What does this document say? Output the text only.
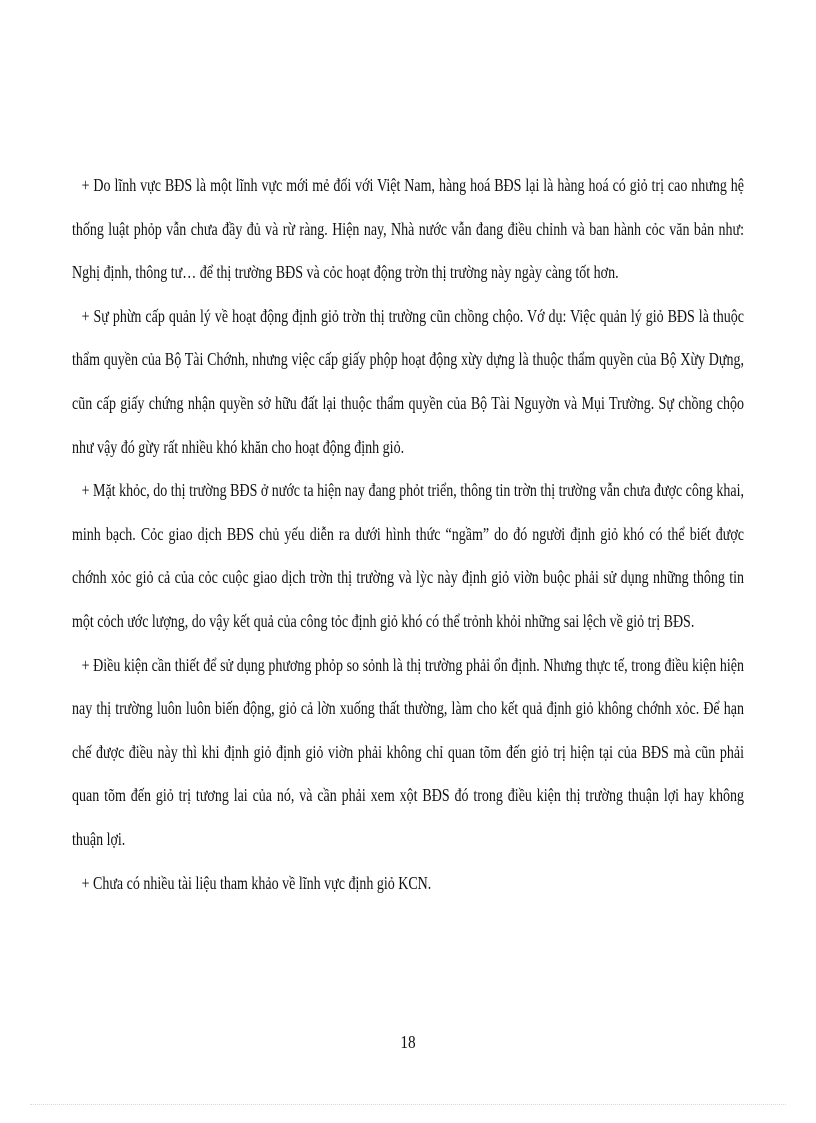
+ Do lĩnh vực BĐS là một lĩnh vực mới mẻ đối với Việt Nam, hàng hoá BĐS lại là hàng hoá có giỏ trị cao nhưng hệ thống luật phỏp vẫn chưa đầy đủ và rừ ràng. Hiện nay, Nhà nước vẫn đang điều chỉnh và ban hành cỏc văn bản như: Nghị định, thông tư… để thị trường BĐS và cỏc hoạt động trờn thị trường này ngày càng tốt hơn.

+ Sự phừn cấp quản lý về hoạt động định giỏ trờn thị trường cũn chồng chộo. Vớ dụ: Việc quản lý giỏ BĐS là thuộc thẩm quyền của Bộ Tài Chớnh, nhưng việc cấp giấy phộp hoạt động xừy dựng là thuộc thẩm quyền của Bộ Xừy Dựng, cũn cấp giấy chứng nhận quyền sở hữu đất lại thuộc thẩm quyền của Bộ Tài Nguyờn và Mụi Trường. Sự chồng chộo như vậy đó gừy rất nhiều khó khăn cho hoạt động định giỏ.

+ Mặt khỏc, do thị trường BĐS ở nước ta hiện nay đang phỏt triển, thông tin trờn thị trường vẫn chưa được công khai, minh bạch. Cỏc giao dịch BĐS chủ yếu diễn ra dưới hình thức “ngầm” do đó người định giỏ khó có thể biết được chớnh xỏc giỏ cả của cỏc cuộc giao dịch trờn thị trường và lỳc này định giỏ viờn buộc phải sử dụng những thông tin một cỏch ước lượng, do vậy kết quả của công tỏc định giỏ khó có thể trỏnh khỏi những sai lệch về giỏ trị BĐS.

+ Điều kiện cần thiết để sử dụng phương phỏp so sỏnh là thị trường phải ổn định. Nhưng thực tế, trong điều kiện hiện nay thị trường luôn luôn biến động, giỏ cả lờn xuống thất thường, làm cho kết quả định giỏ không chớnh xỏc. Để hạn chế được điều này thì khi định giỏ định giỏ viờn phải không chỉ quan tõm đến giỏ trị hiện tại của BĐS mà cũn phải quan tõm đến giỏ trị tương lai của nó, và cần phải xem xột BĐS đó trong điều kiện thị trường thuận lợi hay không thuận lợi.

+ Chưa có nhiều tài liệu tham khảo về lĩnh vực định giỏ KCN.

18
